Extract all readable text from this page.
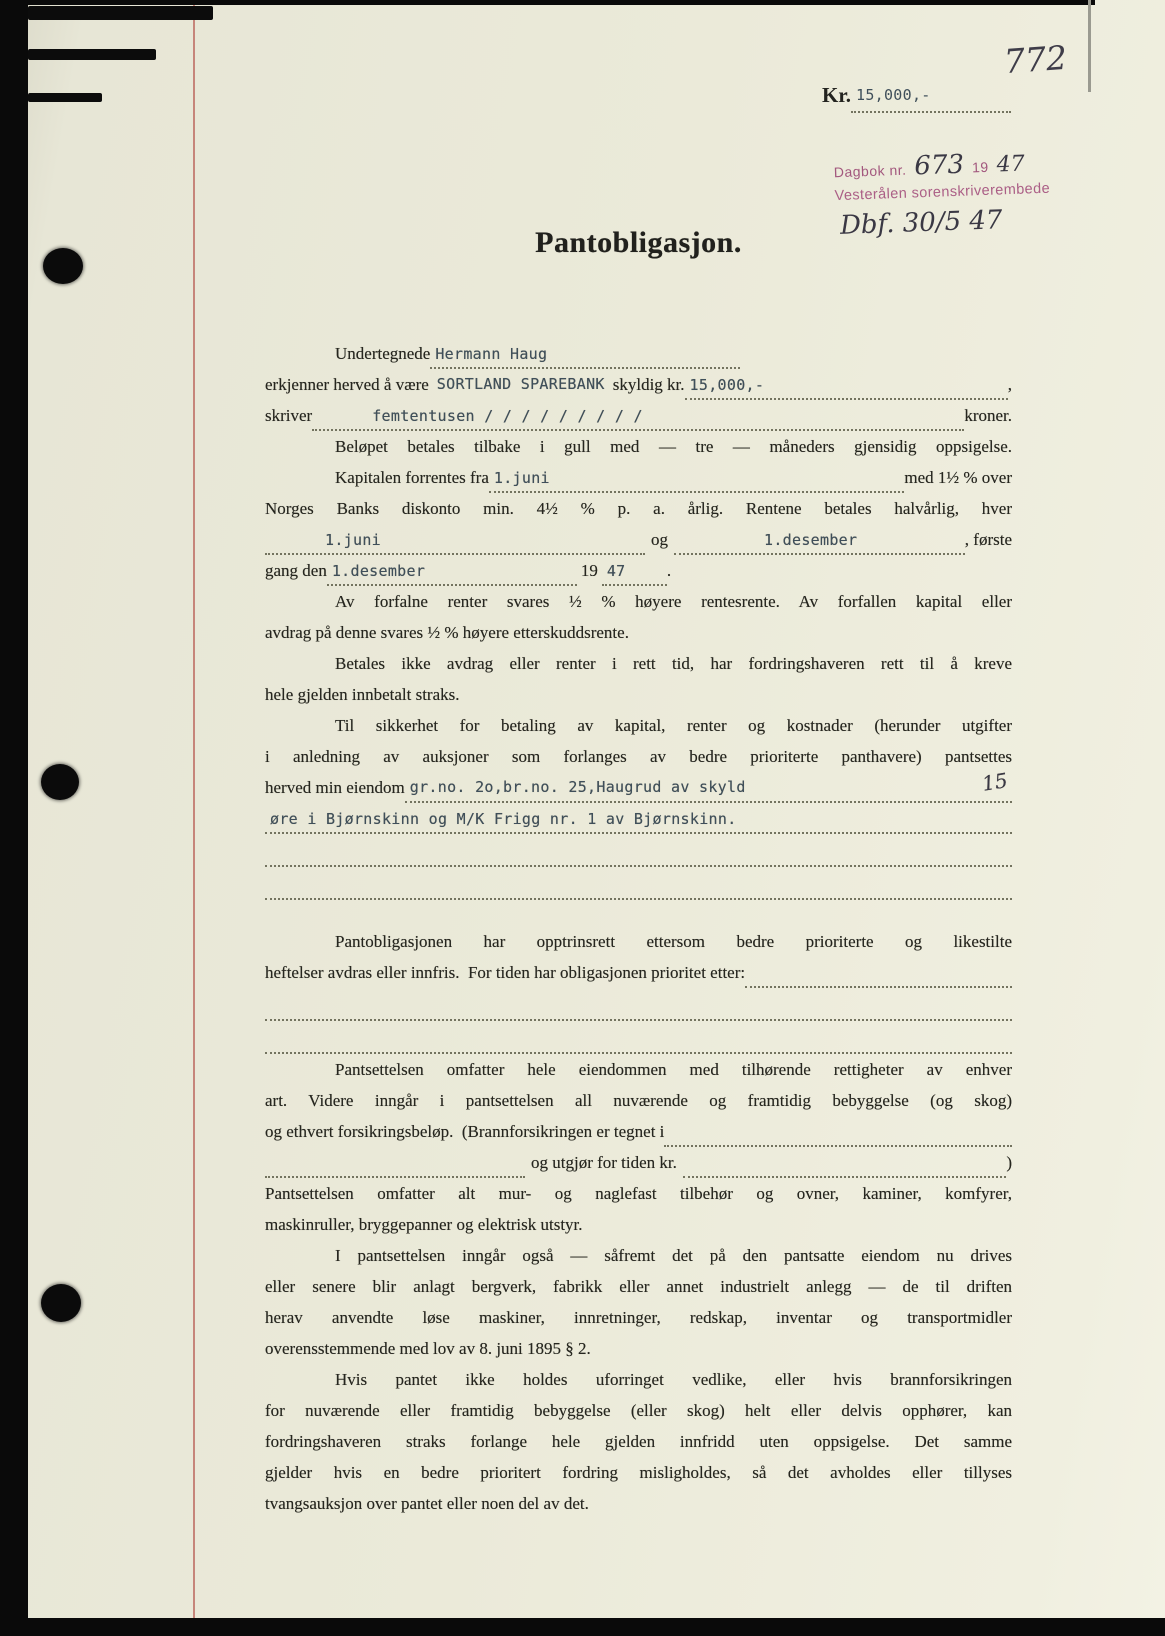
772
Kr. 15,000,-
Dagbok nr. 673 19 47
Vesterålen sorenskriverembede
Dbf. 30/5 47
Pantobligasjon.
Undertegnede Hermann Haug
erkjenner herved å være SORTLAND SPAREBANK skyldig kr. 15,000,-	,
skriver	femtentusen / / / / / / / / /	kroner.
Beløpet betales tilbake i gull med — tre — måneders gjensidig oppsigelse.
Kapitalen forrentes fra 1.juni	med 1½ % over
Norges Banks diskonto min. 4½ % p. a. årlig. Rentene betales halvårlig, hver
1.juni	og	1.desember	, første
gang den 1.desember	19 47	.
Av forfalne renter svares ½ % høyere rentesrente. Av forfallen kapital eller
avdrag på denne svares ½ % høyere etterskuddsrente.
Betales ikke avdrag eller renter i rett tid, har fordringshaveren rett til å kreve
hele gjelden innbetalt straks.
Til sikkerhet for betaling av kapital, renter og kostnader (herunder utgifter
i anledning av auksjoner som forlanges av bedre prioriterte panthavere) pantsettes
herved min eiendom gr.no. 2o,br.no. 25,Haugrud av skyld	15
øre i Bjørnskinn og M/K Frigg nr. 1 av Bjørnskinn.
Pantobligasjonen har opptrinsrett ettersom bedre prioriterte og likestilte
heftelser avdras eller innfris.  For tiden har obligasjonen prioritet etter:
Pantsettelsen omfatter hele eiendommen med tilhørende rettigheter av enhver
art. Videre inngår i pantsettelsen all nuværende og framtidig bebyggelse (og skog)
og ethvert forsikringsbeløp.  (Brannforsikringen er tegnet i
og utgjør for tiden kr.	)
Pantsettelsen omfatter alt mur- og naglefast tilbehør og ovner, kaminer, komfyrer,
maskinruller, bryggepanner og elektrisk utstyr.
I pantsettelsen inngår også — såfremt det på den pantsatte eiendom nu drives
eller senere blir anlagt bergverk, fabrikk eller annet industrielt anlegg — de til driften
herav anvendte løse maskiner, innretninger, redskap, inventar og transportmidler
overensstemmende med lov av 8. juni 1895 § 2.
Hvis pantet ikke holdes uforringet vedlike, eller hvis brannforsikringen
for nuværende eller framtidig bebyggelse (eller skog) helt eller delvis opphører, kan
fordringshaveren straks forlange hele gjelden innfridd uten oppsigelse. Det samme
gjelder hvis en bedre prioritert fordring misligholdes, så det avholdes eller tillyses
tvangsauksjon over pantet eller noen del av det.
